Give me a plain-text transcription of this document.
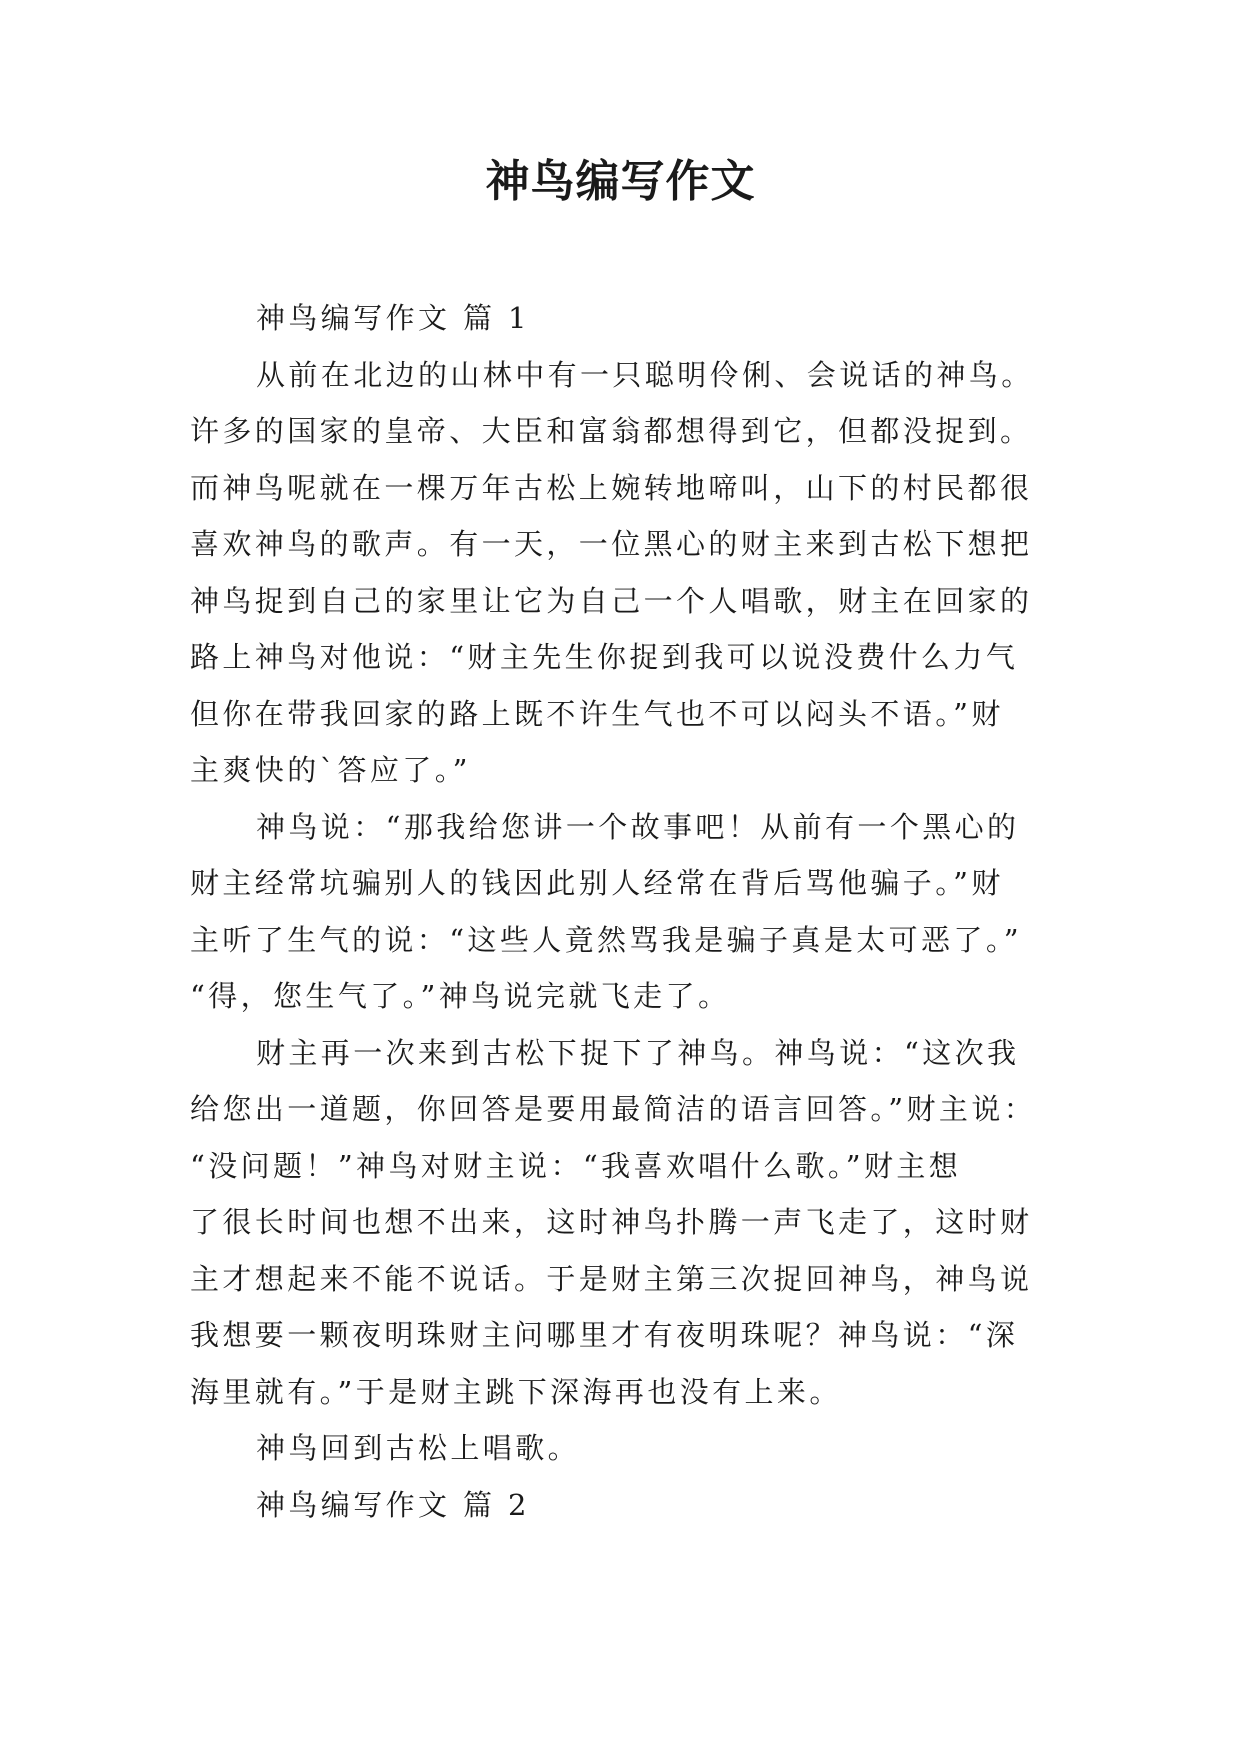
神鸟编写作文

神鸟编写作文 篇 1

从前在北边的山林中有一只聪明伶俐、会说话的神鸟。

许多的国家的皇帝、大臣和富翁都想得到它，但都没捉到。

而神鸟呢就在一棵万年古松上婉转地啼叫，山下的村民都很

喜欢神鸟的歌声。有一天，一位黑心的财主来到古松下想把

神鸟捉到自己的家里让它为自己一个人唱歌，财主在回家的

路上神鸟对他说：“财主先生你捉到我可以说没费什么力气

但你在带我回家的路上既不许生气也不可以闷头不语。”财

主爽快的`答应了。”

神鸟说：“那我给您讲一个故事吧！从前有一个黑心的

财主经常坑骗别人的钱因此别人经常在背后骂他骗子。”财

主听了生气的说：“这些人竟然骂我是骗子真是太可恶了。”

“得，您生气了。”神鸟说完就飞走了。

财主再一次来到古松下捉下了神鸟。神鸟说：“这次我

给您出一道题，你回答是要用最简洁的语言回答。”财主说：

“没问题！”神鸟对财主说：“我喜欢唱什么歌。”财主想

了很长时间也想不出来，这时神鸟扑腾一声飞走了，这时财

主才想起来不能不说话。于是财主第三次捉回神鸟，神鸟说

我想要一颗夜明珠财主问哪里才有夜明珠呢？神鸟说：“深

海里就有。”于是财主跳下深海再也没有上来。

神鸟回到古松上唱歌。

神鸟编写作文 篇 2
